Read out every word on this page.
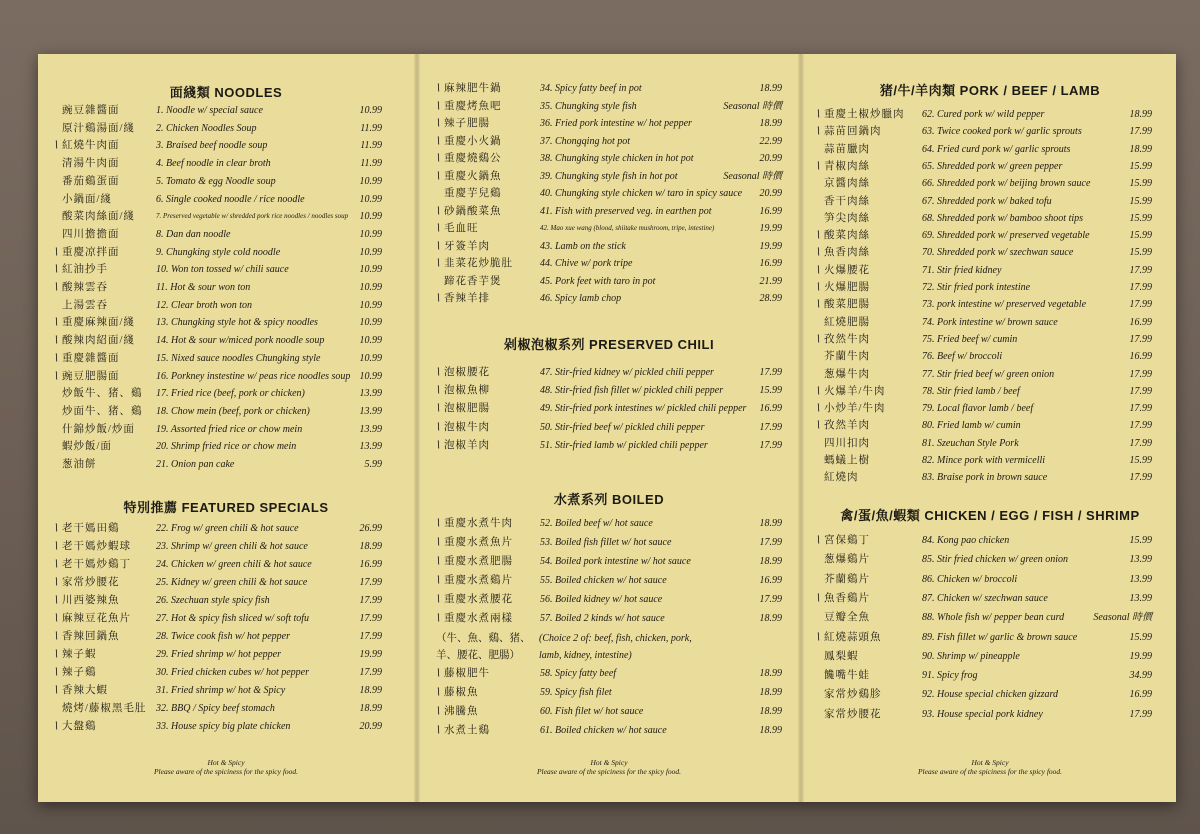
面綫類 NOODLES
豌豆雜醬面	1. Noodle w/ special sauce	10.99
原汁鷄湯面/綫	2. Chicken Noodles Soup	11.99
∖ 紅燒牛肉面	3. Braised beef noodle soup	11.99
清湯牛肉面	4. Beef noodle in clear broth	11.99
番茄鷄蛋面	5. Tomato & egg Noodle soup	10.99
小鍋面/綫	6. Single cooked noodle / rice noodle	10.99
酸菜肉絲面/綫	7. Preserved vegetable w/ shredded pork rice noodles / noodles soup 10.99
四川擔擔面	8. Dan dan noodle	10.99
∖ 重慶凉拌面	9. Chungking style cold noodle	10.99
∖ 紅油抄手	10. Won ton tossed w/ chili sauce	10.99
∖ 酸辣雲吞	11. Hot & sour won ton	10.99
上湯雲吞	12. Clear broth won ton	10.99
∖ 重慶麻辣面/綫	13. Chungking style hot & spicy noodles	10.99
∖ 酸辣肉紹面/綫	14. Hot & sour w/miced pork noodle soup	10.99
∖ 重慶雜醬面	15. Nixed sauce noodles Chungking style	10.99
∖ 豌豆肥腸面	16. Porkney instestine w/ peas rice noodles soup 10.99
炒飯牛、猪、鷄	17. Fried rice (beef, pork or chicken)	13.99
炒面牛、猪、鷄	18. Chow mein (beef, pork or chicken)	13.99
什錦炒飯/炒面	19. Assorted fried rice or chow mein	13.99
蝦炒飯/面	20. Shrimp fried rice or chow mein	13.99
葱油餅	21. Onion pan cake	5.99
特別推薦 FEATURED SPECIALS
∖ 老干媽田鷄	22. Frog w/ green chili & hot sauce	26.99
∖ 老干媽炒蝦球	23. Shrimp w/ green chili & hot sauce	18.99
∖ 老干媽炒鷄丁	24. Chicken w/ green chili & hot sauce	16.99
∖ 家常炒腰花	25. Kidney w/ green chili & hot sauce	17.99
∖ 川西婆辣魚	26. Szechuan style spicy fish	17.99
∖ 麻辣豆花魚片	27. Hot & spicy fish sliced w/ soft tofu	17.99
∖ 香辣回鍋魚	28. Twice cook fish w/ hot pepper	17.99
∖ 辣子蝦	29. Fried shrimp w/ hot pepper	19.99
∖ 辣子鷄	30. Fried chicken cubes w/ hot pepper	17.99
∖ 香辣大蝦	31. Fried shrimp w/ hot & Spicy	18.99
燒烤/藤椒黑毛肚 32. BBQ / Spicy beef stomach	18.99
∖ 大盤鷄	33. House spicy big plate chicken	20.99
Hot & Spicy
Please aware of the spiciness for the spicy food.
∖ 麻辣肥牛鍋	34. Spicy fatty beef in pot	18.99
∖ 重慶烤魚吧	35. Chungking style fish	Seasonal 時價
∖ 辣子肥腸	36. Fried pork intestine w/ hot pepper	18.99
∖ 重慶小火鍋	37. Chongqing hot pot	22.99
∖ 重慶燒鷄公	38. Chungking style chicken in hot pot	20.99
∖ 重慶火鍋魚	39. Chungking style fish in hot pot	Seasonal 時價
重慶芋兒鷄	40. Chungking style chicken w/ taro in spicy sauce 20.99
∖ 砂鍋酸菜魚	41. Fish with preserved veg. in earthen pot	16.99
∖ 毛血旺	42. Mao xue wang (blood, shiitake mushroom, tripe, intestine)	19.99
∖ 牙簽羊肉	43. Lamb on the stick	19.99
∖ 韭菜花炒脆肚	44. Chive w/ pork tripe	16.99
蹄花香芋煲	45. Pork feet with taro in pot	21.99
∖ 香辣羊排	46. Spicy lamb chop	28.99
剁椒泡椒系列 PRESERVED CHILI
∖ 泡椒腰花	47. Stir-fried kidney w/ pickled chili pepper	17.99
∖ 泡椒魚柳	48. Stir-fried fish fillet w/ pickled chili pepper	15.99
∖ 泡椒肥腸	49. Stir-fried pork intestines w/ pickled chili pepper 16.99
∖ 泡椒牛肉	50. Stir-fried beef w/ pickled chili pepper	17.99
∖ 泡椒羊肉	51. Stir-fried lamb w/ pickled chili pepper	17.99
水煮系列 BOILED
∖ 重慶水煮牛肉	52. Boiled beef w/ hot sauce	18.99
∖ 重慶水煮魚片	53. Boiled fish fillet w/ hot sauce	17.99
∖ 重慶水煮肥腸	54. Boiled pork intestine w/ hot sauce	18.99
∖ 重慶水煮鷄片	55. Boiled chicken w/ hot sauce	16.99
∖ 重慶水煮腰花	56. Boiled kidney w/ hot sauce	17.99
∖ 重慶水煮兩樣	57. Boiled 2 kinds w/ hot sauce	18.99
（牛、魚、鷄、猪、 (Choice 2 of: beef, fish, chicken, pork,
羊、腰花、肥腸） lamb, kidney, intestine)
∖ 藤椒肥牛	58. Spicy fatty beef	18.99
∖ 藤椒魚	59. Spicy fish filet	18.99
∖ 沸騰魚	60. Fish filet w/ hot sauce	18.99
∖ 水煮土鷄	61. Boiled chicken w/ hot sauce	18.99
Hot & Spicy
Please aware of the spiciness for the spicy food.
猪/牛/羊肉類 PORK / BEEF / LAMB
∖ 重慶土椒炒臘肉	62. Cured pork w/ wild pepper	18.99
∖ 蒜苗回鍋肉	63. Twice cooked pork w/ garlic sprouts	17.99
蒜苗臘肉	64. Fried curd pork w/ garlic sprouts	18.99
∖ 青椒肉絲	65. Shredded pork w/ green pepper	15.99
京醬肉絲	66. Shredded pork w/ beijing brown sauce	15.99
香干肉絲	67. Shredded pork w/ baked tofu	15.99
笋尖肉絲	68. Shredded pork w/ bamboo shoot tips	15.99
∖ 酸菜肉絲	69. Shredded pork w/ preserved vegetable	15.99
∖ 魚香肉絲	70. Shredded pork w/ szechwan sauce	15.99
∖ 火爆腰花	71. Stir fried kidney	17.99
∖ 火爆肥腸	72. Stir fried pork intestine	17.99
∖ 酸菜肥腸	73. pork intestine w/ preserved vegetable	17.99
紅燒肥腸	74. Pork intestine w/ brown sauce	16.99
∖ 孜然牛肉	75. Fried beef w/ cumin	17.99
芥蘭牛肉	76. Beef w/ broccoli	16.99
葱爆牛肉	77. Stir fried beef w/ green onion	17.99
∖ 火爆羊/牛肉	78. Stir fried lamb / beef	17.99
∖ 小炒羊/牛肉	79. Local flavor lamb / beef	17.99
∖ 孜然羊肉	80. Fried lamb w/ cumin	17.99
四川扣肉	81. Szeuchan Style Pork	17.99
螞蟻上樹	82. Mince pork with vermicelli	15.99
紅燒肉	83. Braise pork in brown sauce	17.99
禽/蛋/魚/蝦類 CHICKEN / EGG / FISH / SHRIMP
∖ 宮保鷄丁	84. Kong pao chicken	15.99
葱爆鷄片	85. Stir fried chicken w/ green onion	13.99
芥蘭鷄片	86. Chicken w/ broccoli	13.99
∖ 魚香鷄片	87. Chicken w/ szechwan sauce	13.99
豆瓣全魚	88. Whole fish w/ pepper bean curd	Seasonal 時價
∖ 紅燒蒜頭魚	89. Fish fillet w/ garlic & brown sauce	15.99
鳳梨蝦	90. Shrimp w/ pineapple	19.99
饞嘴牛蛙	91. Spicy frog	34.99
家常炒鷄胗	92. House special chicken gizzard	16.99
家常炒腰花	93. House special pork kidney	17.99
Hot & Spicy
Please aware of the spiciness for the spicy food.
